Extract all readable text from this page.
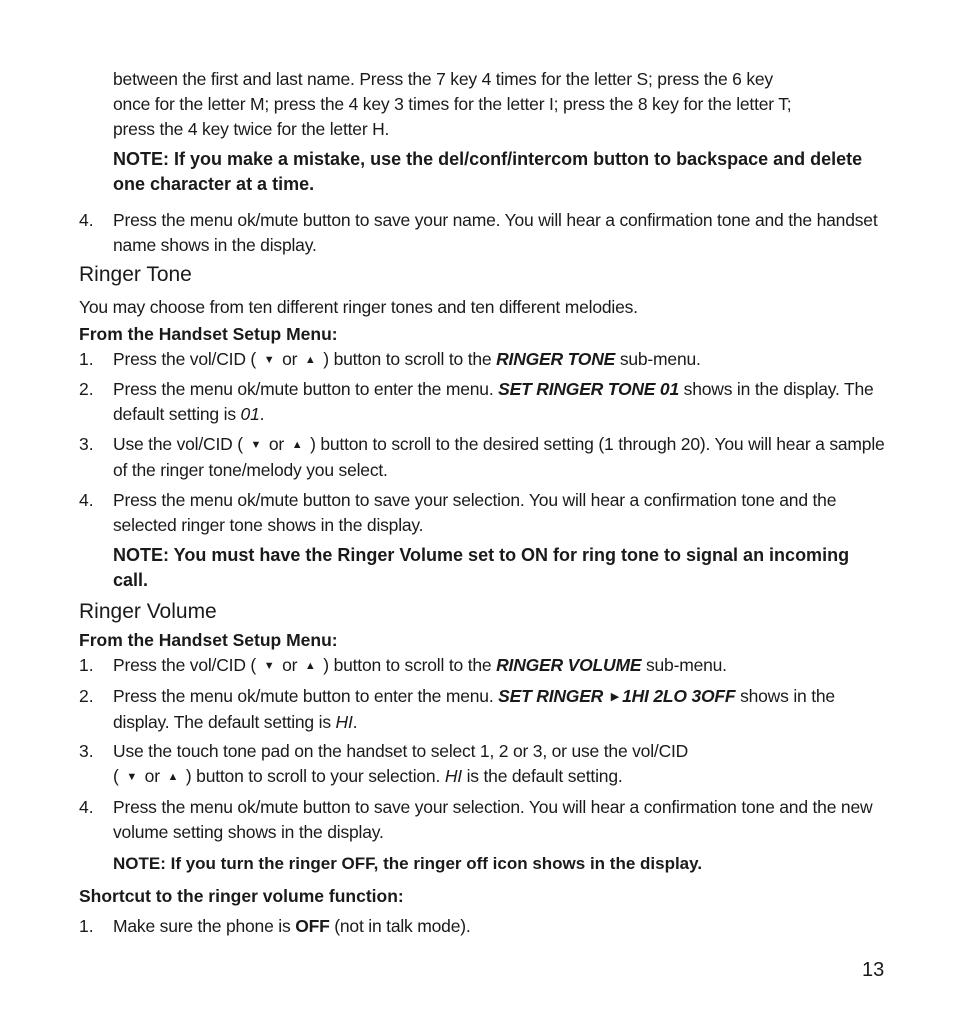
between the first and last name. Press the 7 key 4 times for the letter S; press the 6 key
once for the letter M; press the 4 key 3 times for the letter I; press the 8 key for the letter T;
press the 4 key twice for the letter H.
NOTE: If you make a mistake, use the del/conf/intercom button to backspace and delete one character at a time.
4. Press the menu ok/mute button to save your name. You will hear a confirmation tone and the handset name shows in the display.
Ringer Tone
You may choose from ten different ringer tones and ten different melodies.
From the Handset Setup Menu:
1. Press the vol/CID ( ▼ or ▲ ) button to scroll to the RINGER TONE sub-menu.
2. Press the menu ok/mute button to enter the menu. SET RINGER TONE 01 shows in the display. The default setting is 01.
3. Use the vol/CID ( ▼ or ▲ ) button to scroll to the desired setting (1 through 20). You will hear a sample of the ringer tone/melody you select.
4. Press the menu ok/mute button to save your selection. You will hear a confirmation tone and the selected ringer tone shows in the display.
NOTE: You must have the Ringer Volume set to ON for ring tone to signal an incoming call.
Ringer Volume
From the Handset Setup Menu:
1. Press the vol/CID ( ▼ or ▲ ) button to scroll to the RINGER VOLUME sub-menu.
2. Press the menu ok/mute button to enter the menu. SET RINGER ▶ 1HI 2LO 3OFF shows in the display. The default setting is HI.
3. Use the touch tone pad on the handset to select 1, 2 or 3, or use the vol/CID
( ▼ or ▲ ) button to scroll to your selection. HI is the default setting.
4. Press the menu ok/mute button to save your selection. You will hear a confirmation tone and the new volume setting shows in the display.
NOTE: If you turn the ringer OFF, the ringer off icon shows in the display.
Shortcut to the ringer volume function:
1. Make sure the phone is OFF (not in talk mode).
13
